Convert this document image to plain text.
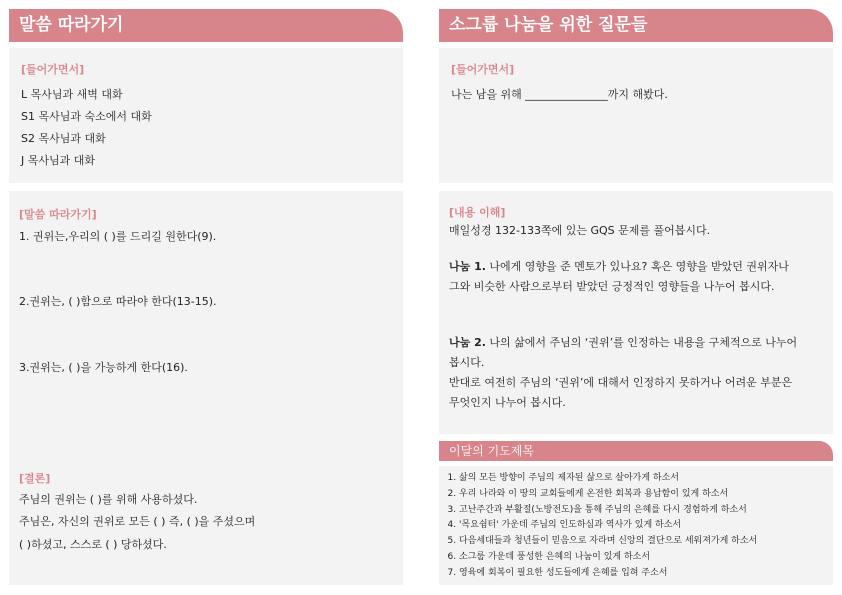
말씀 따라가기
[들어가면서]
L 목사님과 새벽 대화
S1 목사님과 숙소에서 대화
S2 목사님과 대화
J 목사님과 대화
[말씀 따라가기]
1. 권위는,우리의 ( )를 드리길 원한다(9).
2.권위는, ( )함으로 따라야 한다(13-15).
3.권위는, ( )을 가능하게 한다(16).
[결론]
주님의 권위는 ( )를 위해 사용하셨다.
주님은, 자신의 권위로 모든 ( ) 즉, ( )을 주셨으며
( )하셨고, 스스로 ( ) 당하셨다.
소그룹 나눔을 위한 질문들
[들어가면서]
나는 남을 위해 _______________까지 해봤다.
[내용 이해]
매일성경 132-133쪽에 있는 GQS 문제를 풀어봅시다.
나눔 1. 나에게 영향을 준 멘토가 있나요? 혹은 영향을 받았던 권위자나
그와 비슷한 사람으로부터 받았던 긍정적인 영향들을 나누어 봅시다.
나눔 2. 나의 삶에서 주님의 ‘권위’를 인정하는 내용을 구체적으로 나누어
봅시다.
반대로 여전히 주님의 ‘권위’에 대해서 인정하지 못하거나 어려운 부분은
무엇인지 나누어 봅시다.
이달의 기도제목
1. 삶의 모든 방향이 주님의 제자된 삶으로 살아가게 하소서
2. 우리 나라와 이 땅의 교회들에게 온전한 회복과 용납함이 있게 하소서
3. 고난주간과 부활절(노방전도)을 통해 주님의 은혜를 다시 경험하게 하소서
4. '목요쉼터' 가운데 주님의 인도하심과 역사가 있게 하소서
5. 다음세대들과 청년들이 믿음으로 자라며 신앙의 결단으로 세워져가게 하소서
6. 소그룹 가운데 풍성한 은혜의 나눔이 있게 하소서
7. 영육에 회복이 필요한 성도들에게 은혜를 입혀 주소서
